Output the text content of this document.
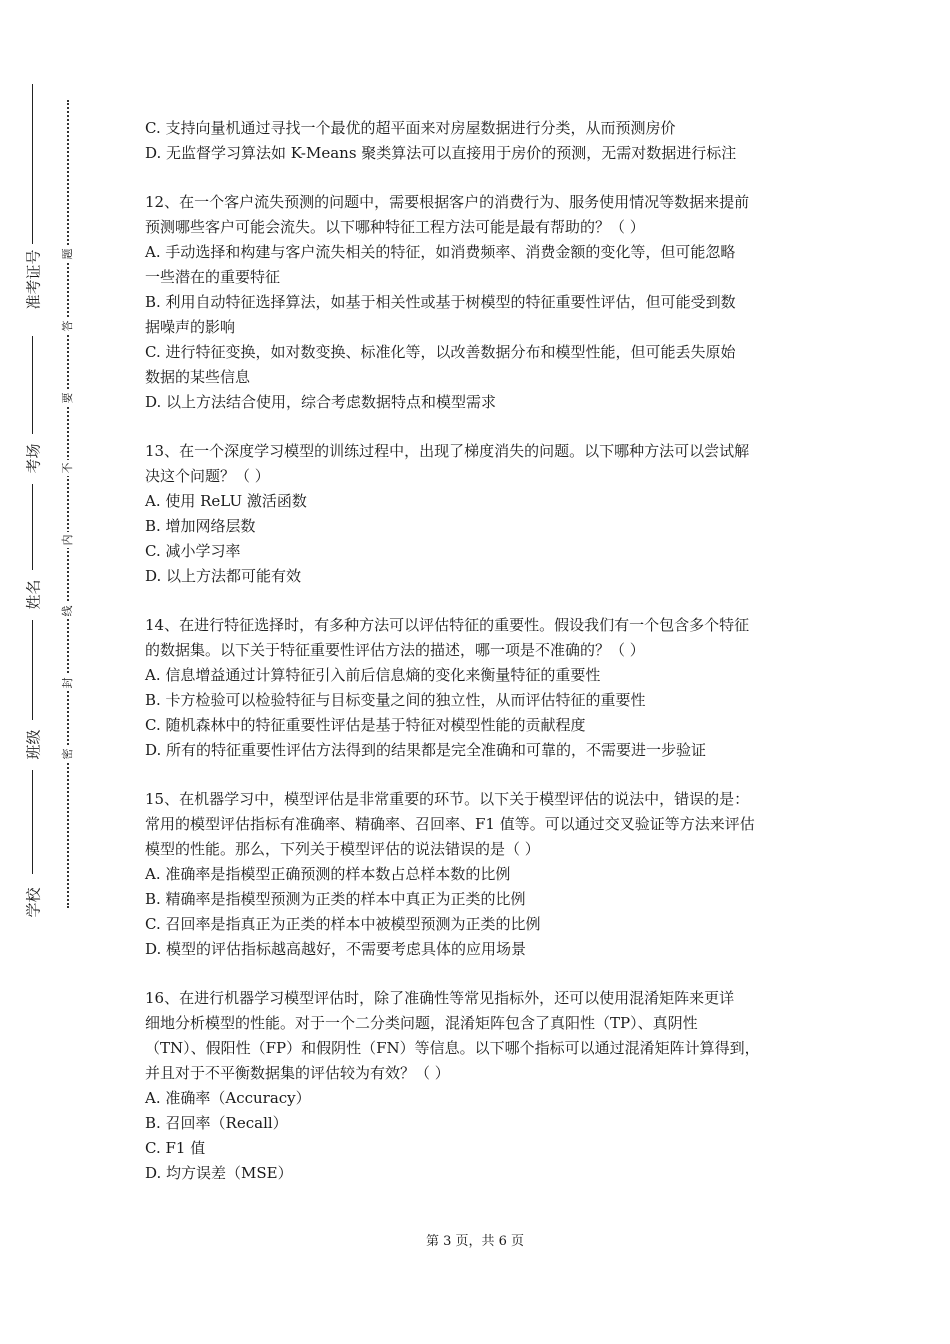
准考证号
考场
姓名
班级
学校
题
答
要
不
内
线
封
密
C. 支持向量机通过寻找一个最优的超平面来对房屋数据进行分类，从而预测房价
D. 无监督学习算法如 K-Means 聚类算法可以直接用于房价的预测，无需对数据进行标注
12、在一个客户流失预测的问题中，需要根据客户的消费行为、服务使用情况等数据来提前
预测哪些客户可能会流失。以下哪种特征工程方法可能是最有帮助的？（ ）
A. 手动选择和构建与客户流失相关的特征，如消费频率、消费金额的变化等，但可能忽略
一些潜在的重要特征
B. 利用自动特征选择算法，如基于相关性或基于树模型的特征重要性评估，但可能受到数
据噪声的影响
C. 进行特征变换，如对数变换、标准化等，以改善数据分布和模型性能，但可能丢失原始
数据的某些信息
D. 以上方法结合使用，综合考虑数据特点和模型需求
13、在一个深度学习模型的训练过程中，出现了梯度消失的问题。以下哪种方法可以尝试解
决这个问题？（ ）
A. 使用 ReLU 激活函数
B. 增加网络层数
C. 减小学习率
D. 以上方法都可能有效
14、在进行特征选择时，有多种方法可以评估特征的重要性。假设我们有一个包含多个特征
的数据集。以下关于特征重要性评估方法的描述，哪一项是不准确的？（ ）
A. 信息增益通过计算特征引入前后信息熵的变化来衡量特征的重要性
B. 卡方检验可以检验特征与目标变量之间的独立性，从而评估特征的重要性
C. 随机森林中的特征重要性评估是基于特征对模型性能的贡献程度
D. 所有的特征重要性评估方法得到的结果都是完全准确和可靠的，不需要进一步验证
15、在机器学习中，模型评估是非常重要的环节。以下关于模型评估的说法中，错误的是：
常用的模型评估指标有准确率、精确率、召回率、F1 值等。可以通过交叉验证等方法来评估
模型的性能。那么，下列关于模型评估的说法错误的是（ ）
A. 准确率是指模型正确预测的样本数占总样本数的比例
B. 精确率是指模型预测为正类的样本中真正为正类的比例
C. 召回率是指真正为正类的样本中被模型预测为正类的比例
D. 模型的评估指标越高越好，不需要考虑具体的应用场景
16、在进行机器学习模型评估时，除了准确性等常见指标外，还可以使用混淆矩阵来更详
细地分析模型的性能。对于一个二分类问题，混淆矩阵包含了真阳性（TP）、真阴性
（TN）、假阳性（FP）和假阴性（FN）等信息。以下哪个指标可以通过混淆矩阵计算得到，
并且对于不平衡数据集的评估较为有效？（ ）
A. 准确率（Accuracy）
B. 召回率（Recall）
C. F1 值
D. 均方误差（MSE）
第 3 页，共 6 页
